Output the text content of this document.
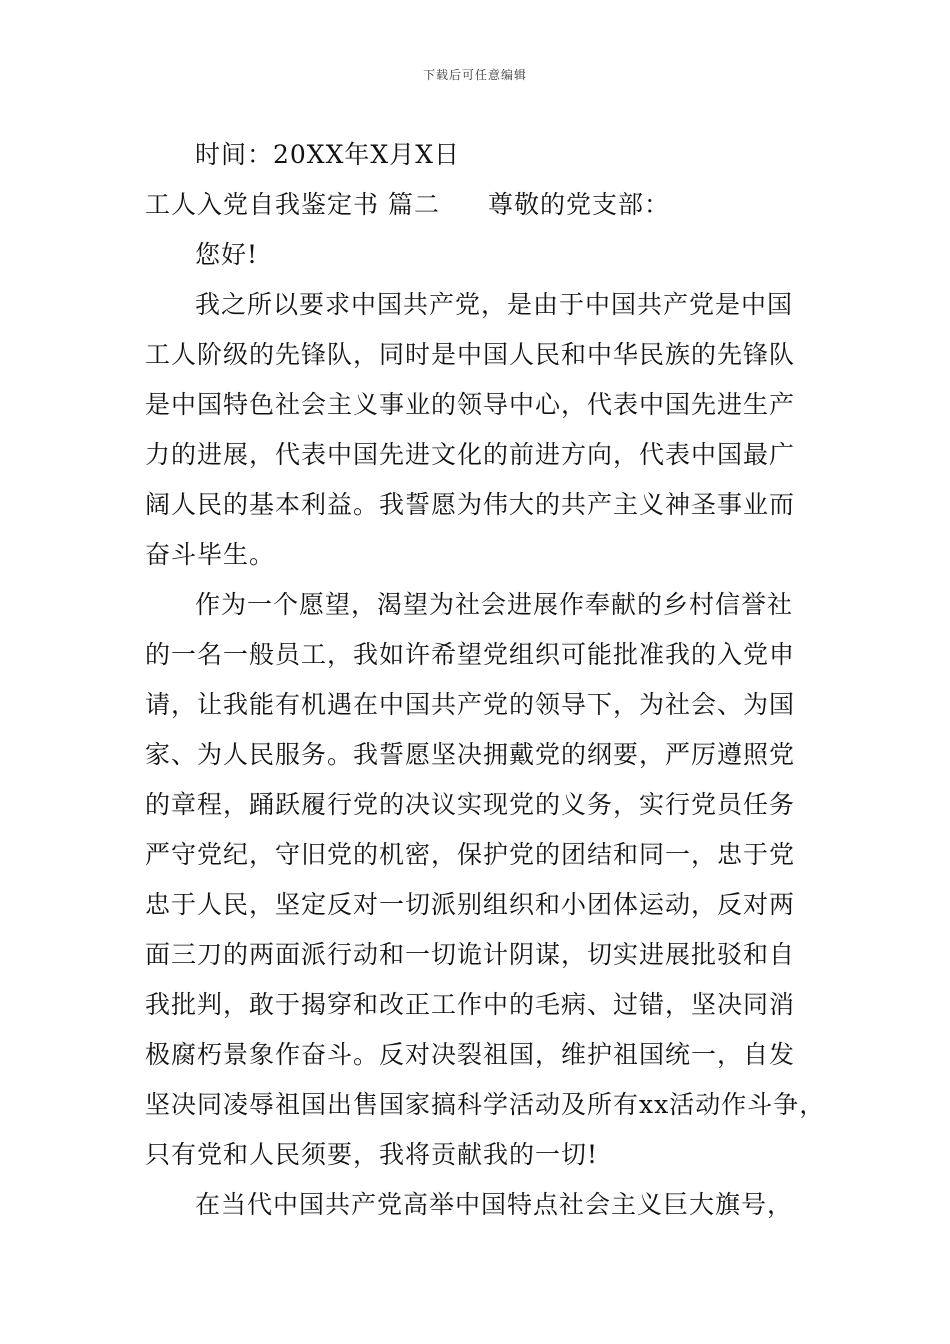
下载后可任意编辑
时间：20XX年X月X日
工人入党自我鉴定书 篇二 尊敬的党支部：
您好!
我之所以要求中国共产党，是由于中国共产党是中国
工人阶级的先锋队，同时是中国人民和中华民族的先锋队
是中国特色社会主义事业的领导中心，代表中国先进生产
力的进展，代表中国先进文化的前进方向，代表中国最广
阔人民的基本利益。我誓愿为伟大的共产主义神圣事业而
奋斗毕生。
作为一个愿望，渴望为社会进展作奉献的乡村信誉社
的一名一般员工，我如许希望党组织可能批准我的入党申
请，让我能有机遇在中国共产党的领导下，为社会、为国
家、为人民服务。我誓愿坚决拥戴党的纲要，严厉遵照党
的章程，踊跃履行党的决议实现党的义务，实行党员任务
严守党纪，守旧党的机密，保护党的团结和同一，忠于党
忠于人民，坚定反对一切派别组织和小团体运动，反对两
面三刀的两面派行动和一切诡计阴谋，切实进展批驳和自
我批判，敢于揭穿和改正工作中的毛病、过错，坚决同消
极腐朽景象作奋斗。反对决裂祖国，维护祖国统一，自发
坚决同凌辱祖国出售国家搞科学活动及所有xx活动作斗争，
只有党和人民须要，我将贡献我的一切!
在当代中国共产党高举中国特点社会主义巨大旗号，
